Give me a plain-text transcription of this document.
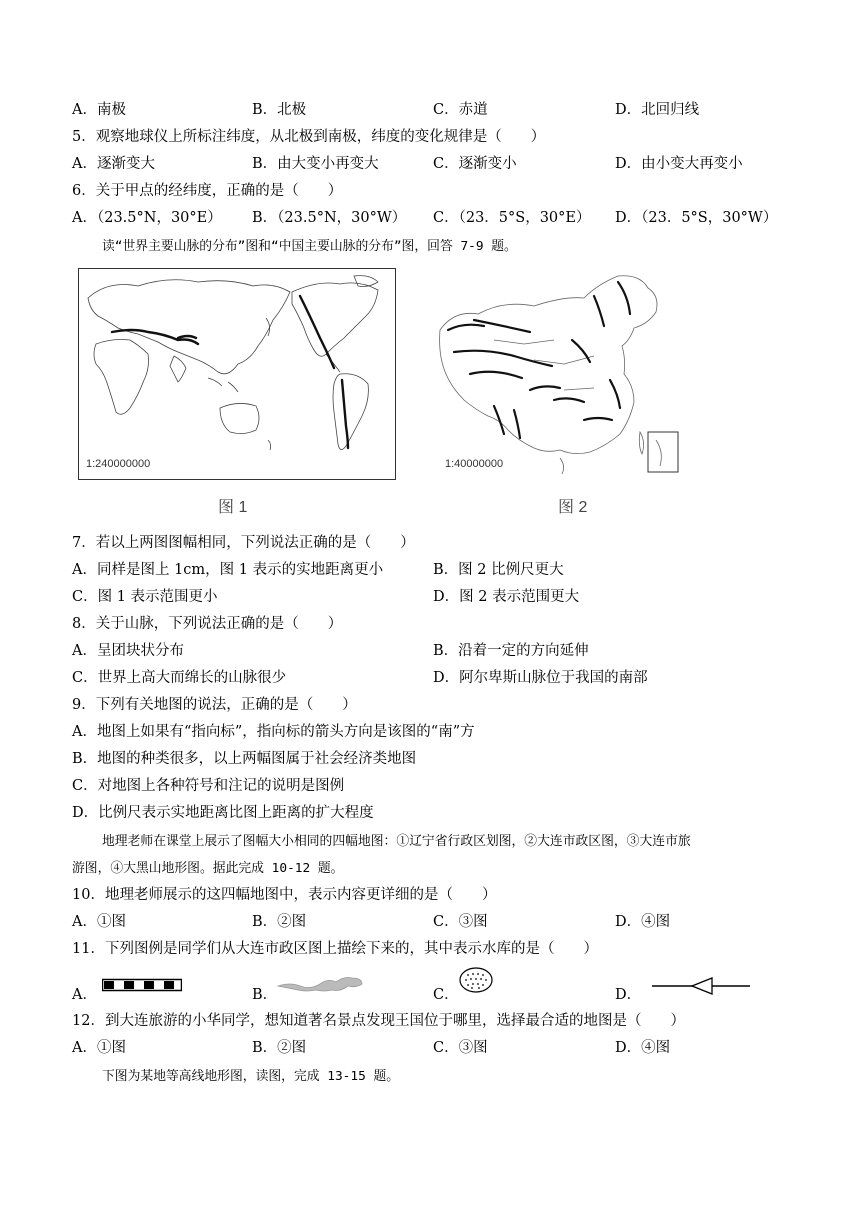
A．南极	B．北极	C．赤道	D．北回归线
5．观察地球仪上所标注纬度，从北极到南极，纬度的变化规律是（　　）
A．逐渐变大	B．由大变小再变大	C．逐渐变小	D．由小变大再变小
6．关于甲点的经纬度，正确的是（　　）
A．（23.5°N，30°E） B．（23.5°N，30°W） C．（23．5°S，30°E） D．（23．5°S，30°W）
读“世界主要山脉的分布”图和“中国主要山脉的分布”图，回答 7-9 题。
1:240000000
图 1
1:40000000
图 2
7．若以上两图图幅相同，下列说法正确的是（　　）
A．同样是图上 1cm，图 1 表示的实地距离更小	B．图 2 比例尺更大
C．图 1 表示范围更小	D．图 2 表示范围更大
8．关于山脉，下列说法正确的是（　　）
A．呈团块状分布	B．沿着一定的方向延伸
C．世界上高大而绵长的山脉很少	D．阿尔卑斯山脉位于我国的南部
9．下列有关地图的说法，正确的是（　　）
A．地图上如果有“指向标”，指向标的箭头方向是该图的“南”方
B．地图的种类很多，以上两幅图属于社会经济类地图
C．对地图上各种符号和注记的说明是图例
D．比例尺表示实地距离比图上距离的扩大程度
地理老师在课堂上展示了图幅大小相同的四幅地图：①辽宁省行政区划图，②大连市政区图，③大连市旅
游图，④大黑山地形图。据此完成 10-12 题。
10．地理老师展示的这四幅地图中，表示内容更详细的是（　　）
A．①图	B．②图	C．③图	D．④图
11．下列图例是同学们从大连市政区图上描绘下来的，其中表示水库的是（　　）
A．	B．	C．	D．
12．到大连旅游的小华同学，想知道著名景点发现王国位于哪里，选择最合适的地图是（　　）
A．①图	B．②图	C．③图	D．④图
下图为某地等高线地形图，读图，完成 13-15 题。
